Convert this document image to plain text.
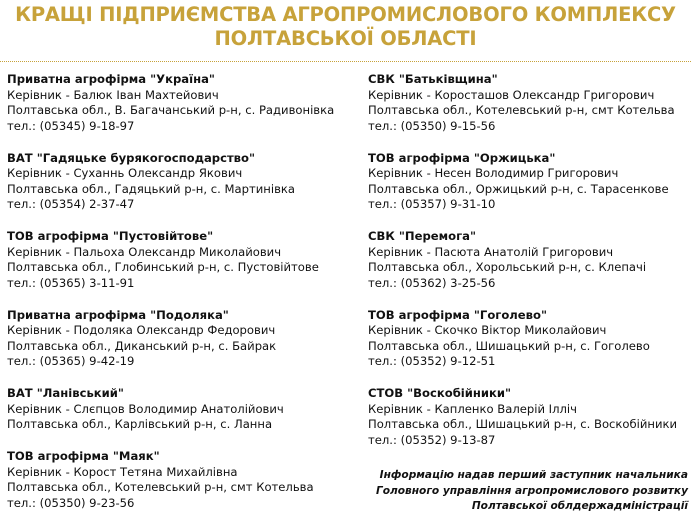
КРАЩІ ПІДПРИЄМСТВА АГРОПРОМИСЛОВОГО КОМПЛЕКСУ
ПОЛТАВСЬКОЇ ОБЛАСТІ
Приватна агрофірма "Україна"
Керівник - Балюк Іван Махтейович
Полтавська обл., В. Багачанський р-н, с. Радивонівка
тел.: (05345) 9-18-97
ВАТ "Гадяцьке бурякогосподарство"
Керівник - Суханнь Олександр Якович
Полтавська обл., Гадяцький р-н, с. Мартинівка
тел.: (05354) 2-37-47
ТОВ агрофірма "Пустовійтове"
Керівник - Пальоха Олександр Миколайович
Полтавська обл., Глобинський р-н, с. Пустовійтове
тел.: (05365) 3-11-91
Приватна агрофірма "Подоляка"
Керівник - Подоляка Олександр Федорович
Полтавська обл., Диканський р-н, с. Байрак
тел.: (05365) 9-42-19
ВАТ "Ланівський"
Керівник - Слєпцов Володимир Анатолійович
Полтавська обл., Карлівський р-н, с. Ланна
ТОВ агрофірма "Маяк"
Керівник - Корост Тетяна Михайлівна
Полтавська обл., Котелевський р-н, смт Котельва
тел.: (05350) 9-23-56
СВК "Батьківщина"
Керівник - Коросташов Олександр Григорович
Полтавська обл., Котелевський р-н, смт Котельва
тел.: (05350) 9-15-56
ТОВ агрофірма "Оржицька"
Керівник - Несен Володимир Григорович
Полтавська обл., Оржицький р-н, с. Тарасенкове
тел.: (05357) 9-31-10
СВК "Перемога"
Керівник - Пасюта Анатолій Григорович
Полтавська обл., Хорольський р-н, с. Клепачі
тел.: (05362) 3-25-56
ТОВ агрофірма "Гоголево"
Керівник - Скочко Віктор Миколайович
Полтавська обл., Шишацький р-н, с. Гоголево
тел.: (05352) 9-12-51
СТОВ "Воскобійники"
Керівник - Капленко Валерій Ілліч
Полтавська обл., Шишацький р-н, с. Воскобійники
тел.: (05352) 9-13-87
Інформацію надав перший заступник начальника
Головного управління агропромислового розвитку
Полтавської облдержадміністрації
